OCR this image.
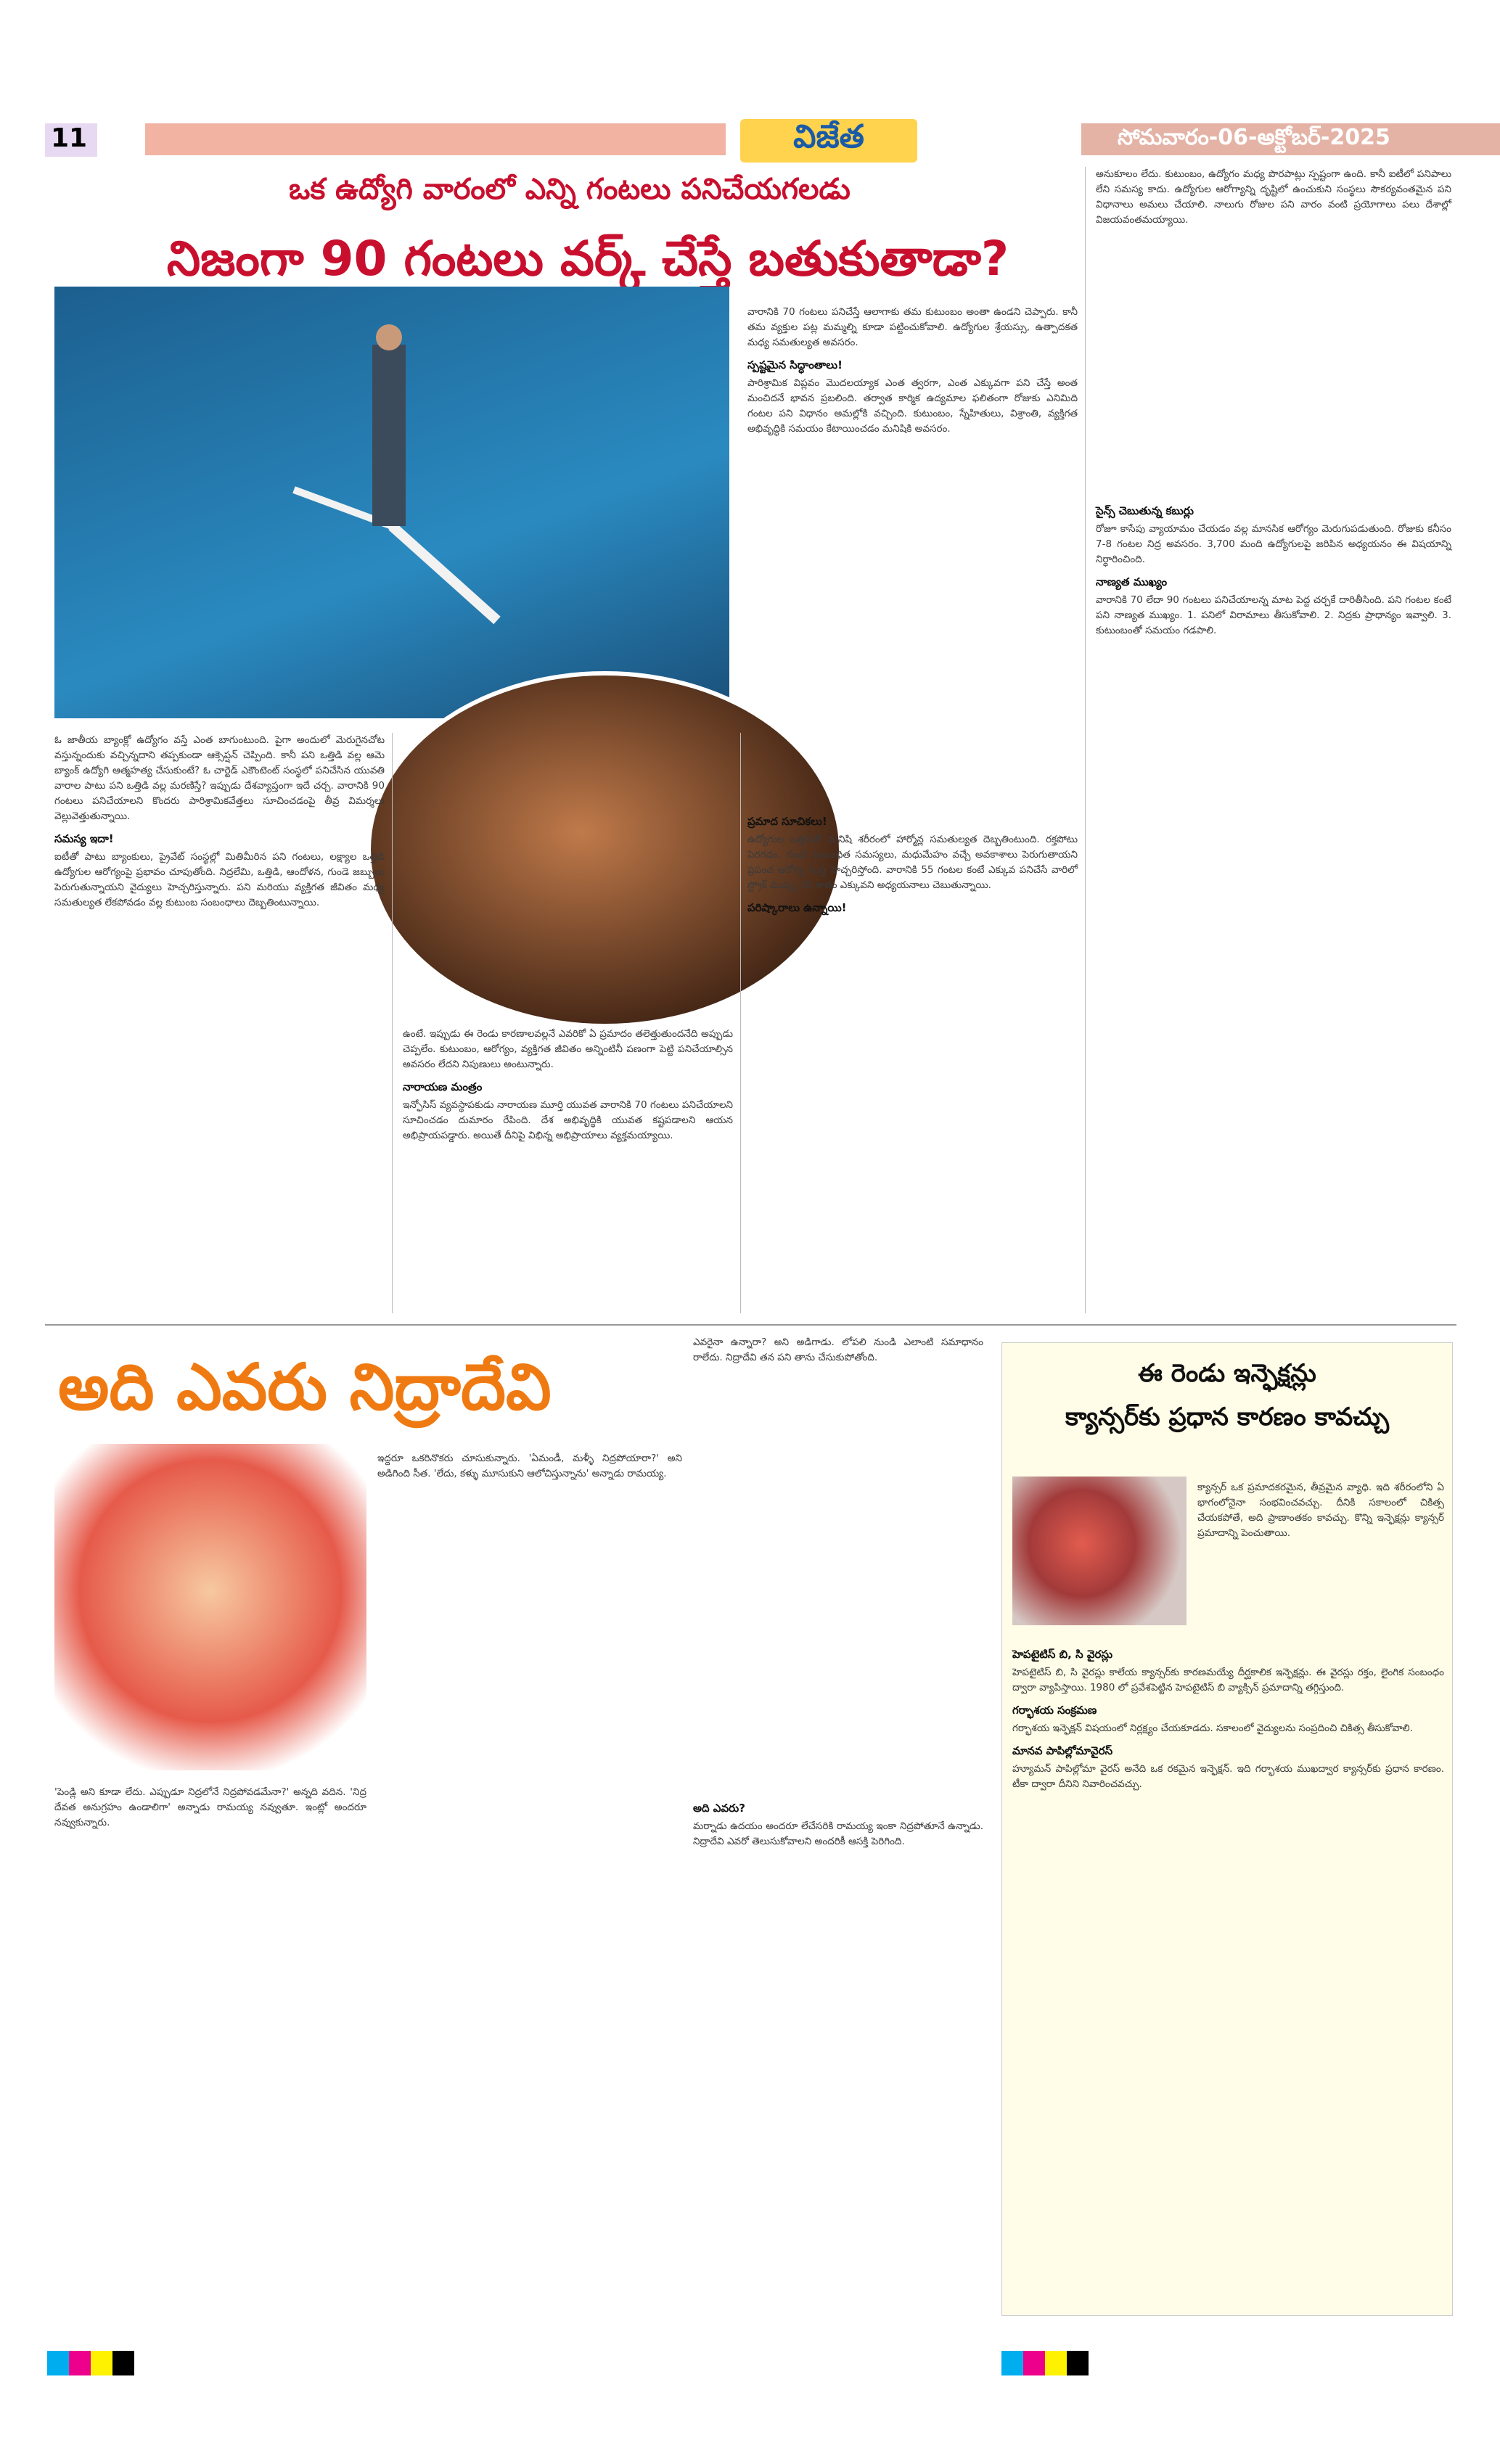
11	విజేత	సోమవారం-06-అక్టోబర్-2025
ఒక ఉద్యోగి వారంలో ఎన్ని గంటలు పనిచేయగలడు
నిజంగా 90 గంటలు వర్క్ చేస్తే బతుకుతాడా?

ఓ జాతీయ బ్యాంక్లో ఉద్యోగం వస్తే ఎంత బాగుంటుంది. పైగా అందులో మెరుగైనచోట వస్తున్నందుకు వచ్చిన్నదాని తప్పకుండా ఆక్సెప్షన్ చెప్పింది. కానీ పని ఒత్తిడి వల్ల ఆమె బ్యాంక్ ఉద్యోగి ఆత్మహత్య చేసుకుంటే? ఓ చార్టెడ్ ఎకౌంటెంట్ సంస్థలో పనిచేసిన యువతి వారాల పాటు పని ఒత్తిడి వల్ల మరణిస్తే? ఇప్పుడు దేశవ్యాప్తంగా ఇదే చర్చ. వారానికి 90 గంటలు పనిచేయాలని కొందరు పారిశ్రామికవేత్తలు సూచించడంపై తీవ్ర విమర్శలు వెల్లువెత్తుతున్నాయి.

సమస్య ఇదా!

ఐటీతో పాటు బ్యాంకులు, ప్రైవేట్ సంస్థల్లో మితిమీరిన పని గంటలు, లక్ష్యాల ఒత్తిడి ఉద్యోగుల ఆరోగ్యంపై ప్రభావం చూపుతోంది. నిద్రలేమి, ఒత్తిడి, ఆందోళన, గుండె జబ్బులు పెరుగుతున్నాయని వైద్యులు హెచ్చరిస్తున్నారు. పని మరియు వ్యక్తిగత జీవితం మధ్య సమతుల్యత లేకపోవడం వల్ల కుటుంబ సంబంధాలు దెబ్బతింటున్నాయి.

ఉంటే. ఇప్పుడు ఈ రెండు కారణాలవల్లనే ఎవరికో ఏ ప్రమాదం తలెత్తుతుందనేది అప్పుడు చెప్పలేం. కుటుంబం, ఆరోగ్యం, వ్యక్తిగత జీవితం అన్నింటినీ పణంగా పెట్టి పనిచేయాల్సిన అవసరం లేదని నిపుణులు అంటున్నారు.

నారాయణ మంత్రం

ఇన్ఫోసిస్ వ్యవస్థాపకుడు నారాయణ మూర్తి యువత వారానికి 70 గంటలు పనిచేయాలని సూచించడం దుమారం రేపింది. దేశ అభివృద్ధికి యువత కష్టపడాలని ఆయన అభిప్రాయపడ్డారు. అయితే దీనిపై విభిన్న అభిప్రాయాలు వ్యక్తమయ్యాయి.

వారానికి 70 గంటలు పనిచేస్తే ఆలాగాకు తమ కుటుంబం అంతా ఉండని చెప్పారు. కానీ తమ వ్యక్తుల పట్ల మమ్మల్ని కూడా పట్టించుకోవాలి. ఉద్యోగుల శ్రేయస్సు, ఉత్పాదకత మధ్య సమతుల్యత అవసరం.

స్పష్టమైన సిద్ధాంతాలు!

పారిశ్రామిక విప్లవం మొదలయ్యాక ఎంత త్వరగా, ఎంత ఎక్కువగా పని చేస్తే అంత మంచిదనే భావన ప్రబలింది. తర్వాత కార్మిక ఉద్యమాల ఫలితంగా రోజుకు ఎనిమిది గంటల పని విధానం అమల్లోకి వచ్చింది. కుటుంబం, స్నేహితులు, విశ్రాంతి, వ్యక్తిగత అభివృద్ధికి సమయం కేటాయించడం మనిషికి అవసరం.

ప్రమాద సూచికలు!

ఉద్యోగుల ఒత్తిడితో మనిషి శరీరంలో హార్మోన్ల సమతుల్యత దెబ్బతింటుంది. రక్తపోటు పెరగడం, గుండె సంబంధిత సమస్యలు, మధుమేహం వచ్చే అవకాశాలు పెరుగుతాయని ప్రపంచ ఆరోగ్య సంస్థ హెచ్చరిస్తోంది. వారానికి 55 గంటల కంటే ఎక్కువ పనిచేసే వారిలో స్ట్రోక్ ముప్పు 35 శాతం ఎక్కువని అధ్యయనాలు చెబుతున్నాయి.

పరిష్కారాలు ఉన్నాయి!

అనుకూలం లేదు. కుటుంబం, ఉద్యోగం మధ్య పొరపాట్లు స్పష్టంగా ఉంది. కానీ ఐటీలో పనిపాలు లేని సమస్య కాదు. ఉద్యోగుల ఆరోగ్యాన్ని దృష్టిలో ఉంచుకుని సంస్థలు సౌకర్యవంతమైన పని విధానాలు అమలు చేయాలి. నాలుగు రోజుల పని వారం వంటి ప్రయోగాలు పలు దేశాల్లో విజయవంతమయ్యాయి.

సైన్స్ చెబుతున్న కబుర్లు

రోజూ కాసేపు వ్యాయామం చేయడం వల్ల మానసిక ఆరోగ్యం మెరుగుపడుతుంది. రోజుకు కనీసం 7-8 గంటల నిద్ర అవసరం. 3,700 మంది ఉద్యోగులపై జరిపిన అధ్యయనం ఈ విషయాన్ని నిర్ధారించింది.

నాణ్యత ముఖ్యం

వారానికి 70 లేదా 90 గంటలు పనిచేయాలన్న మాట పెద్ద చర్చకే దారితీసింది. పని గంటల కంటే పని నాణ్యత ముఖ్యం. 1. పనిలో విరామాలు తీసుకోవాలి. 2. నిద్రకు ప్రాధాన్యం ఇవ్వాలి. 3. కుటుంబంతో సమయం గడపాలి.

అది ఎవరు నిద్రాదేవి

'పెండ్లి అని కూడా లేదు. ఎప్పుడూ నిద్రలోనే నిద్రపోవడమేనా?' అన్నది వదిన. 'నిద్ర దేవత అనుగ్రహం ఉండాలిగా' అన్నాడు రామయ్య నవ్వుతూ. ఇంట్లో అందరూ నవ్వుకున్నారు.

ఇద్దరూ ఒకరినొకరు చూసుకున్నారు. 'ఏమండీ, మళ్ళీ నిద్రపోయారా?' అని అడిగింది సీత. 'లేదు, కళ్ళు మూసుకుని ఆలోచిస్తున్నాను' అన్నాడు రామయ్య.

ఎవరైనా ఉన్నారా? అని అడిగాడు. లోపలి నుండి ఎలాంటి సమాధానం రాలేదు. నిద్రాదేవి తన పని తాను చేసుకుపోతోంది.

అది ఎవరు?

మర్నాడు ఉదయం అందరూ లేచేసరికి రామయ్య ఇంకా నిద్రపోతూనే ఉన్నాడు. నిద్రాదేవి ఎవరో తెలుసుకోవాలని అందరికీ ఆసక్తి పెరిగింది.

ఈ రెండు ఇన్ఫెక్షన్లు
క్యాన్సర్‌కు ప్రధాన కారణం కావచ్చు

క్యాన్సర్ ఒక ప్రమాదకరమైన, తీవ్రమైన వ్యాధి. ఇది శరీరంలోని ఏ భాగంలోనైనా సంభవించవచ్చు. దీనికి సకాలంలో చికిత్స చేయకపోతే, అది ప్రాణాంతకం కావచ్చు. కొన్ని ఇన్ఫెక్షన్లు క్యాన్సర్ ప్రమాదాన్ని పెంచుతాయి.

హెపటైటిస్ బి, సి వైరస్లు

హెపటైటిస్ బి, సి వైరస్లు కాలేయ క్యాన్సర్‌కు కారణమయ్యే దీర్ఘకాలిక ఇన్ఫెక్షన్లు. ఈ వైరస్లు రక్తం, లైంగిక సంబంధం ద్వారా వ్యాపిస్తాయి. 1980 లో ప్రవేశపెట్టిన హెపటైటిస్ బి వ్యాక్సిన్ ప్రమాదాన్ని తగ్గిస్తుంది.

గర్భాశయ సంక్రమణ

గర్భాశయ ఇన్ఫెక్షన్ విషయంలో నిర్లక్ష్యం చేయకూడదు. సకాలంలో వైద్యులను సంప్రదించి చికిత్స తీసుకోవాలి.

మానవ పాపిల్లోమావైరస్

హ్యూమన్ పాపిల్లోమా వైరస్ అనేది ఒక రకమైన ఇన్ఫెక్షన్. ఇది గర్భాశయ ముఖద్వార క్యాన్సర్‌కు ప్రధాన కారణం. టీకా ద్వారా దీనిని నివారించవచ్చు.
